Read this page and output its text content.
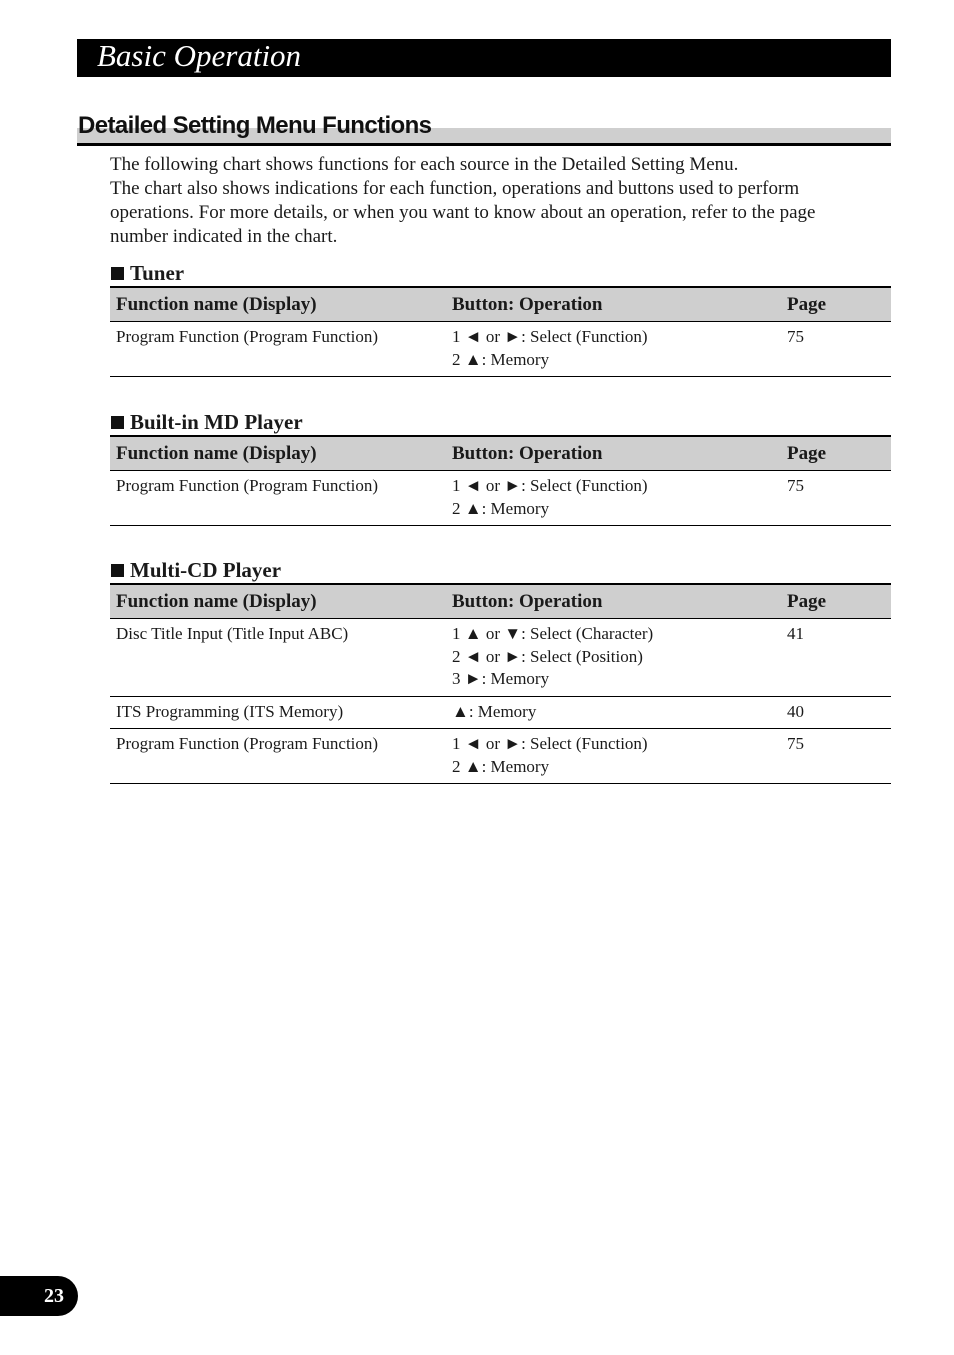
Basic Operation
Detailed Setting Menu Functions

The following chart shows functions for each source in the Detailed Setting Menu.

The chart also shows indications for each function, operations and buttons used to perform operations. For more details, or when you want to know about an operation, refer to the page number indicated in the chart.

Tuner
Function name (Display)	Button: Operation	Page
Program Function (Program Function)	1 ◄ or ►: Select (Function)
2 ▲: Memory	75
Built-in MD Player
Function name (Display)	Button: Operation	Page
Program Function (Program Function)	1 ◄ or ►: Select (Function)
2 ▲: Memory	75
Multi-CD Player
Function name (Display)	Button: Operation	Page
Disc Title Input (Title Input ABC)	1 ▲ or ▼: Select (Character)
2 ◄ or ►: Select (Position)
3 ►: Memory	41
ITS Programming (ITS Memory)	▲: Memory	40
Program Function (Program Function)	1 ◄ or ►: Select (Function)
2 ▲: Memory	75
23
